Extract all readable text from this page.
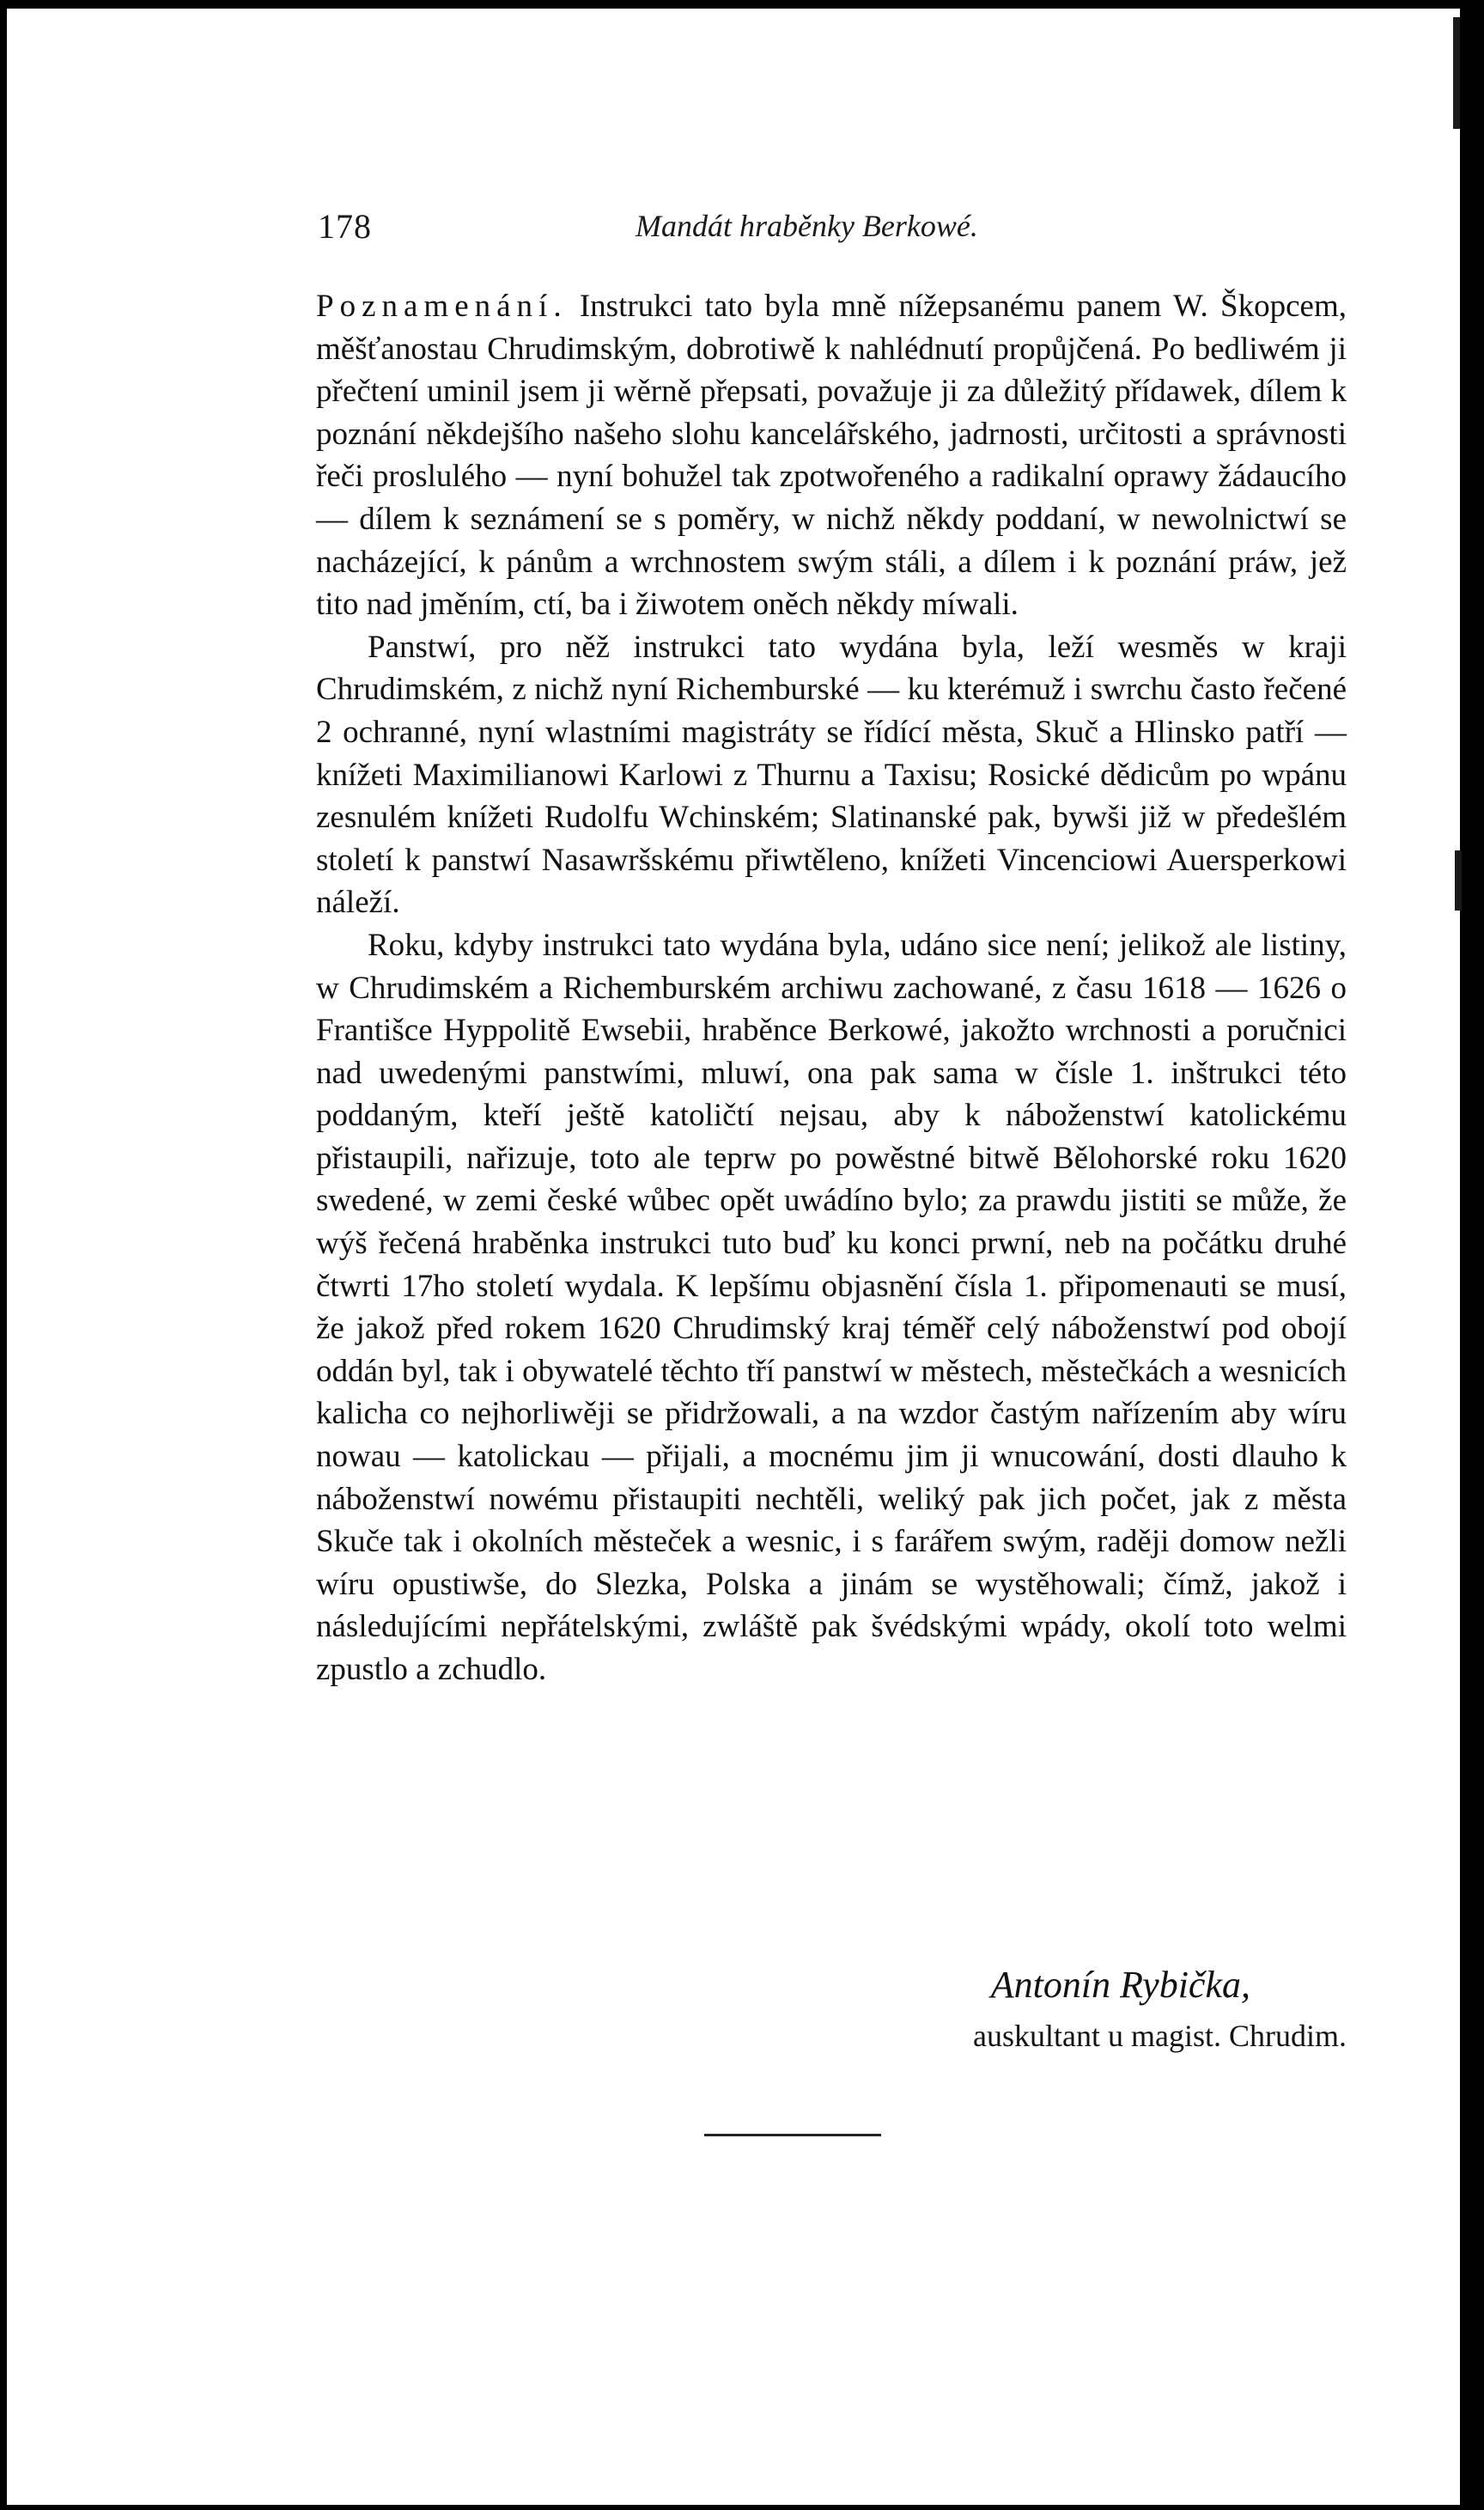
178	Mandát hraběnky Berkowé.

Poznamenání. Instrukci tato byla mně nížepsanému panem W. Škopcem, měšťanostau Chrudimským, dobrotiwě k nahlédnutí propůjčená. Po bedliwém ji přečtení uminil jsem ji wěrně přepsati, považuje ji za důležitý přídawek, dílem k poznání někdejšího našeho slohu kancelářského, jadrnosti, určitosti a správnosti řeči proslulého — nyní bohužel tak zpotwořeného a radikalní oprawy žádaucího — dílem k seznámení se s poměry, w nichž někdy poddaní, w newolnictwí se nacházející, k pánům a wrchnostem swým stáli, a dílem i k poznání práw, jež tito nad jměním, ctí, ba i žiwotem oněch někdy míwali.

Panstwí, pro něž instrukci tato wydána byla, leží wesměs w kraji Chrudimském, z nichž nyní Richemburské — ku kterémuž i swrchu často řečené 2 ochranné, nyní wlastními magistráty se řídící města, Skuč a Hlinsko patří — knížeti Maximilianowi Karlowi z Thurnu a Taxisu; Rosické dědicům po wpánu zesnulém knížeti Rudolfu Wchinském; Slatinanské pak, bywši již w předešlém století k panstwí Nasawršskému přiwtěleno, knížeti Vincenciowi Auersperkowi náleží.

Roku, kdyby instrukci tato wydána byla, udáno sice není; jelikož ale listiny, w Chrudimském a Richemburském archiwu zachowané, z času 1618 — 1626 o Františce Hyppolitě Ewsebii, hraběnce Berkowé, jakožto wrchnosti a poručnici nad uwedenými panstwími, mluwí, ona pak sama w čísle 1. inštrukci této poddaným, kteří ještě katoličtí nejsau, aby k náboženstwí katolickému přistaupili, nařizuje, toto ale teprw po powěstné bitwě Bělohorské roku 1620 swedené, w zemi české wůbec opět uwádíno bylo; za prawdu jistiti se může, že wýš řečená hraběnka instrukci tuto buď ku konci prwní, neb na počátku druhé čtwrti 17ho století wydala. K lepšímu objasnění čísla 1. připomenauti se musí, že jakož před rokem 1620 Chrudimský kraj téměř celý náboženstwí pod obojí oddán byl, tak i obywatelé těchto tří panstwí w městech, městečkách a wesnicích kalicha co nejhorliwěji se přidržowali, a na wzdor častým nařízením aby wíru nowau — katolickau — přijali, a mocnému jim ji wnucowání, dosti dlauho k náboženstwí nowému přistaupiti nechtěli, weliký pak jich počet, jak z města Skuče tak i okolních městeček a wesnic, i s farářem swým, raději domow nežli wíru opustiwše, do Slezka, Polska a jinám se wystěhowali; čímž, jakož i následujícími nepřátelskými, zwláště pak švédskými wpády, okolí toto welmi zpustlo a zchudlo.

Antonín Rybička,
auskultant u magist. Chrudim.
